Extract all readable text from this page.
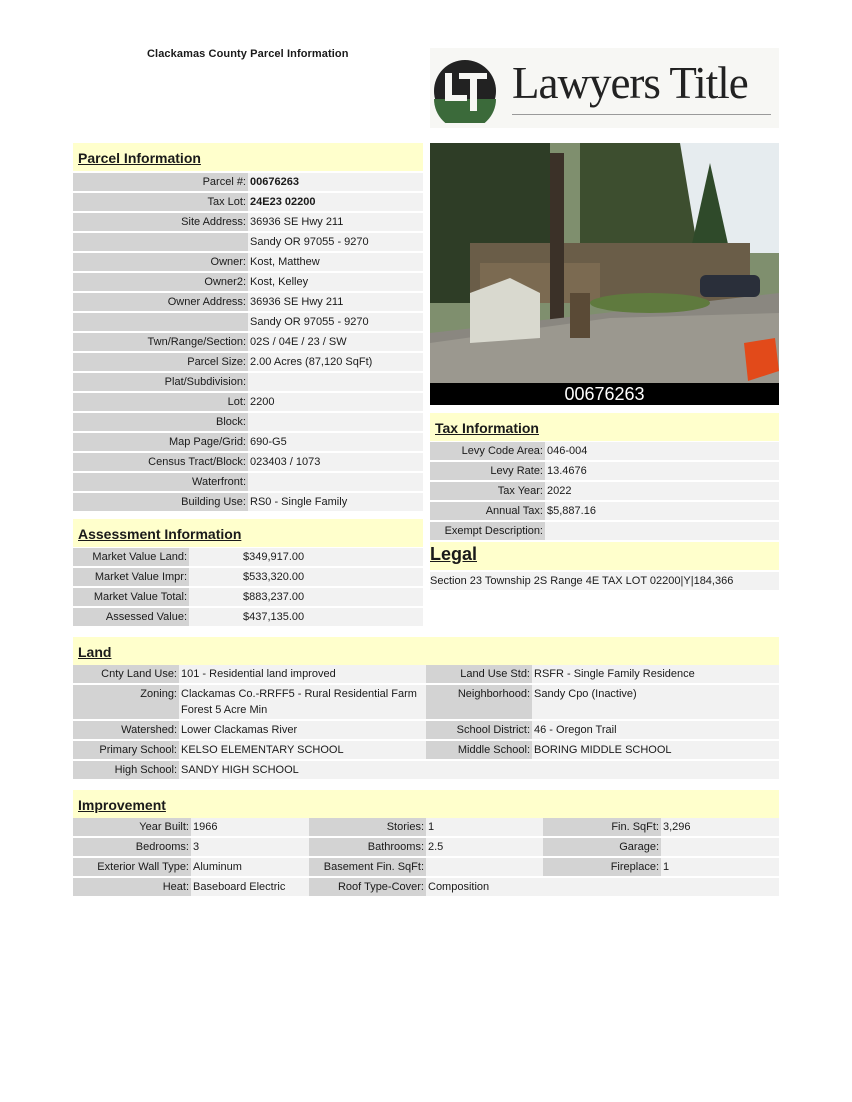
Clackamas County Parcel Information
Lawyers Title
Parcel Information
Parcel #: 00676263
Tax Lot: 24E23 02200
Site Address: 36936 SE Hwy 211
Sandy OR 97055 - 9270
Owner: Kost, Matthew
Owner2: Kost, Kelley
Owner Address: 36936 SE Hwy 211
Sandy OR 97055 - 9270
Twn/Range/Section: 02S / 04E / 23 / SW
Parcel Size: 2.00 Acres (87,120 SqFt)
Plat/Subdivision:
Lot: 2200
Block:
Map Page/Grid: 690-G5
Census Tract/Block: 023403 / 1073
Waterfront:
Building Use: RS0 - Single Family
Assessment Information
Market Value Land:	$349,917.00
Market Value Impr:	$533,320.00
Market Value Total:	$883,237.00
Assessed Value:	$437,135.00
00676263
Tax Information
Levy Code Area: 046-004
Levy Rate: 13.4676
Tax Year: 2022
Annual Tax: $5,887.16
Exempt Description:
Legal
Section 23 Township 2S Range 4E TAX LOT 02200|Y|184,366
Land
Cnty Land Use: 101 - Residential land improved	Land Use Std: RSFR - Single Family Residence
Zoning: Clackamas Co.-RRFF5 - Rural Residential Farm Forest 5 Acre Min
Neighborhood: Sandy Cpo (Inactive)
Watershed: Lower Clackamas River	School District: 46 - Oregon Trail
Primary School: KELSO ELEMENTARY SCHOOL	Middle School: BORING MIDDLE SCHOOL
High School: SANDY HIGH SCHOOL
Improvement
Year Built: 1966	Stories: 1	Fin. SqFt: 3,296
Bedrooms: 3	Bathrooms: 2.5	Garage:
Exterior Wall Type: Aluminum	Basement Fin. SqFt:	Fireplace: 1
Heat: Baseboard Electric	Roof Type-Cover: Composition
